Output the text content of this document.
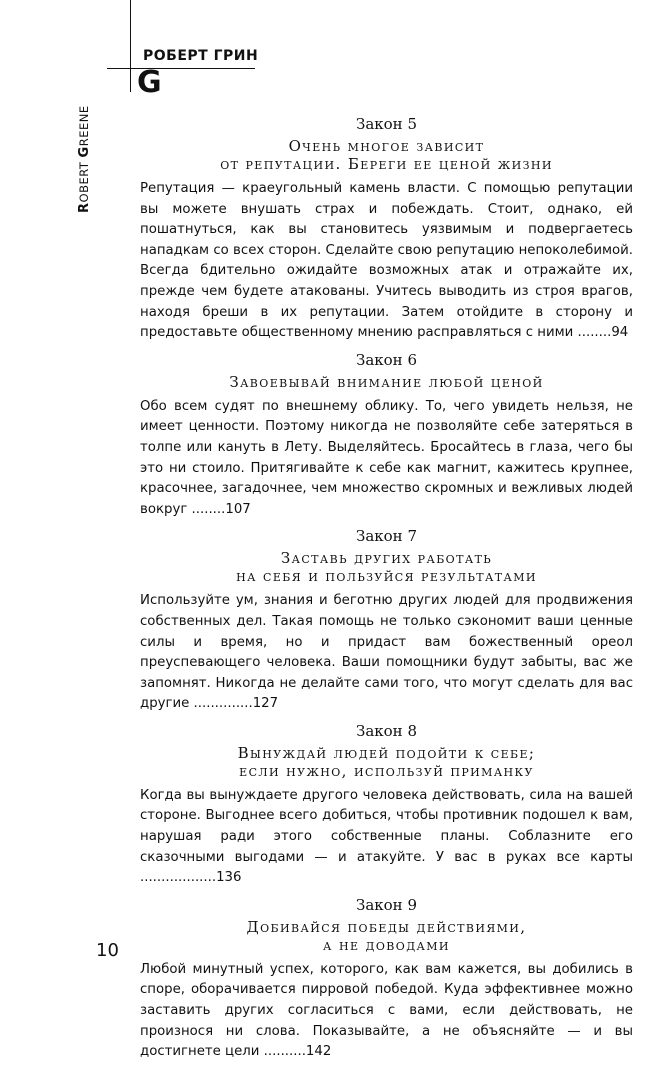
РОБЕРТ ГРИН
G
ROBERT GREENE	Закон 5

Очень многое зависит
от репутации. Береги ее ценой жизни

Репутация — краеугольный камень власти. С помощью репутации вы можете внушать страх и побеждать. Стоит, однако, ей пошатнуться, как вы становитесь уязвимым и подвергаетесь нападкам со всех сторон. Сделайте свою репутацию непоколебимой. Всегда бдительно ожидайте возможных атак и отражайте их, прежде чем будете атакованы. Учитесь выводить из строя врагов, находя бреши в их репутации. Затем отойдите в сторону и предоставьте общественному мнению расправляться с ними ........94

Закон 6

Завоевывай внимание любой ценой

Обо всем судят по внешнему облику. То, чего увидеть нельзя, не имеет ценности. Поэтому никогда не позволяйте себе затеряться в толпе или кануть в Лету. Выделяйтесь. Бросайтесь в глаза, чего бы это ни стоило. Притягивайте к себе как магнит, кажитесь крупнее, красочнее, загадочнее, чем множество скромных и вежливых людей вокруг ........107

Закон 7

Заставь других работать
на себя и пользуйся результатами

Используйте ум, знания и беготню других людей для продвижения собственных дел. Такая помощь не только сэкономит ваши ценные силы и время, но и придаст вам божественный ореол преуспевающего человека. Ваши помощники будут забыты, вас же запомнят. Никогда не делайте сами того, что могут сделать для вас другие ..............127

Закон 8

Вынуждай людей подойти к себе;
если нужно, используй приманку

Когда вы вынуждаете другого человека действовать, сила на вашей стороне. Выгоднее всего добиться, чтобы противник подошел к вам, нарушая ради этого собственные планы. Соблазните его сказочными выгодами — и атакуйте. У вас в руках все карты ..................136

Закон 9

Добивайся победы действиями,
а не доводами

Любой минутный успех, которого, как вам кажется, вы добились в споре, оборачивается пирровой победой. Куда эффективнее можно заставить других согласиться с вами, если действовать, не произнося ни слова. Показывайте, а не объясняйте — и вы достигнете цели ..........142

10
